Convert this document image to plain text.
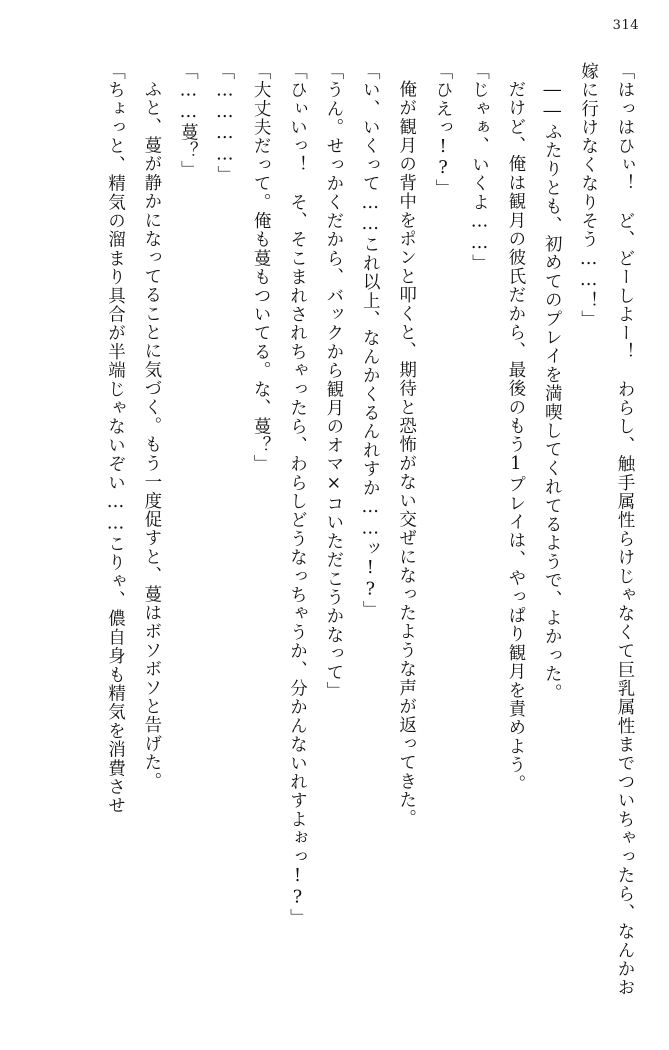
314

「はっはひぃ！　ど、どーしよー！　わらし、触手属性らけじゃなくて巨乳属性までついちゃったら、なんかお嫁に行けなくなりそう……！」

――ふたりとも、初めてのプレイを満喫してくれてるようで、よかった。

だけど、俺は観月の彼氏だから、最後のもう1プレイは、やっぱり観月を責めよう。

「じゃぁ、いくよ……」

「ひえっ!?」

俺が観月の背中をポンと叩くと、期待と恐怖がない交ぜになったような声が返ってきた。

「い、いくって……これ以上、なんかくるんれすか……ッ!?」

「うん。せっかくだから、バックから観月のオマ×コいただこうかなって」

「ひぃいっ！　そ、そこまれされちゃったら、わらしどうなっちゃうか、分かんないれすよぉっ!?」

「大丈夫だって。俺も蔓もついてる。な、蔓？」

「…………」

「……蔓？」

ふと、蔓が静かになってることに気づく。もう一度促すと、蔓はボソボソと告げた。

「ちょっと、精気の溜まり具合が半端じゃないぞい……こりゃ、儂自身も精気を消費させ
